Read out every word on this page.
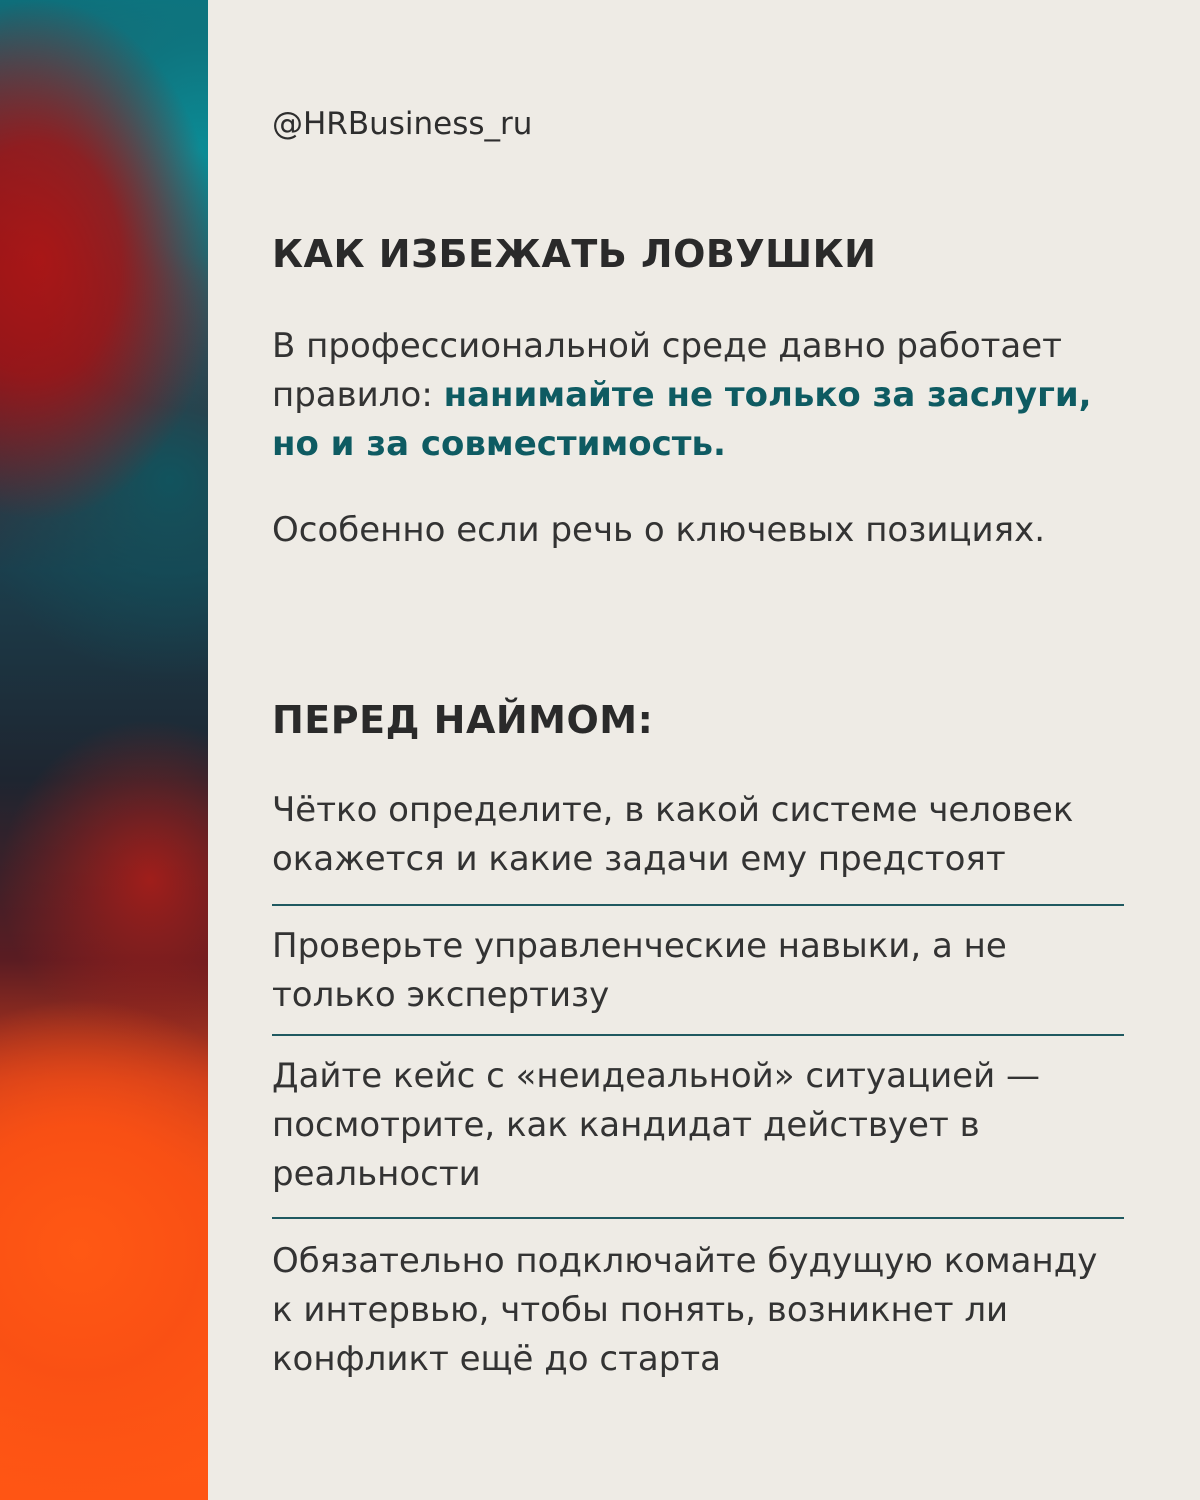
@HRBusiness_ru
КАК ИЗБЕЖАТЬ ЛОВУШКИ
В профессиональной среде давно работает правило: нанимайте не только за заслуги, но и за совместимость.
Особенно если речь о ключевых позициях.
ПЕРЕД НАЙМОМ:
Чётко определите, в какой системе человек окажется и какие задачи ему предстоят
Проверьте управленческие навыки, а не только экспертизу
Дайте кейс с «неидеальной» ситуацией — посмотрите, как кандидат действует в реальности
Обязательно подключайте будущую команду к интервью, чтобы понять, возникнет ли конфликт ещё до старта
